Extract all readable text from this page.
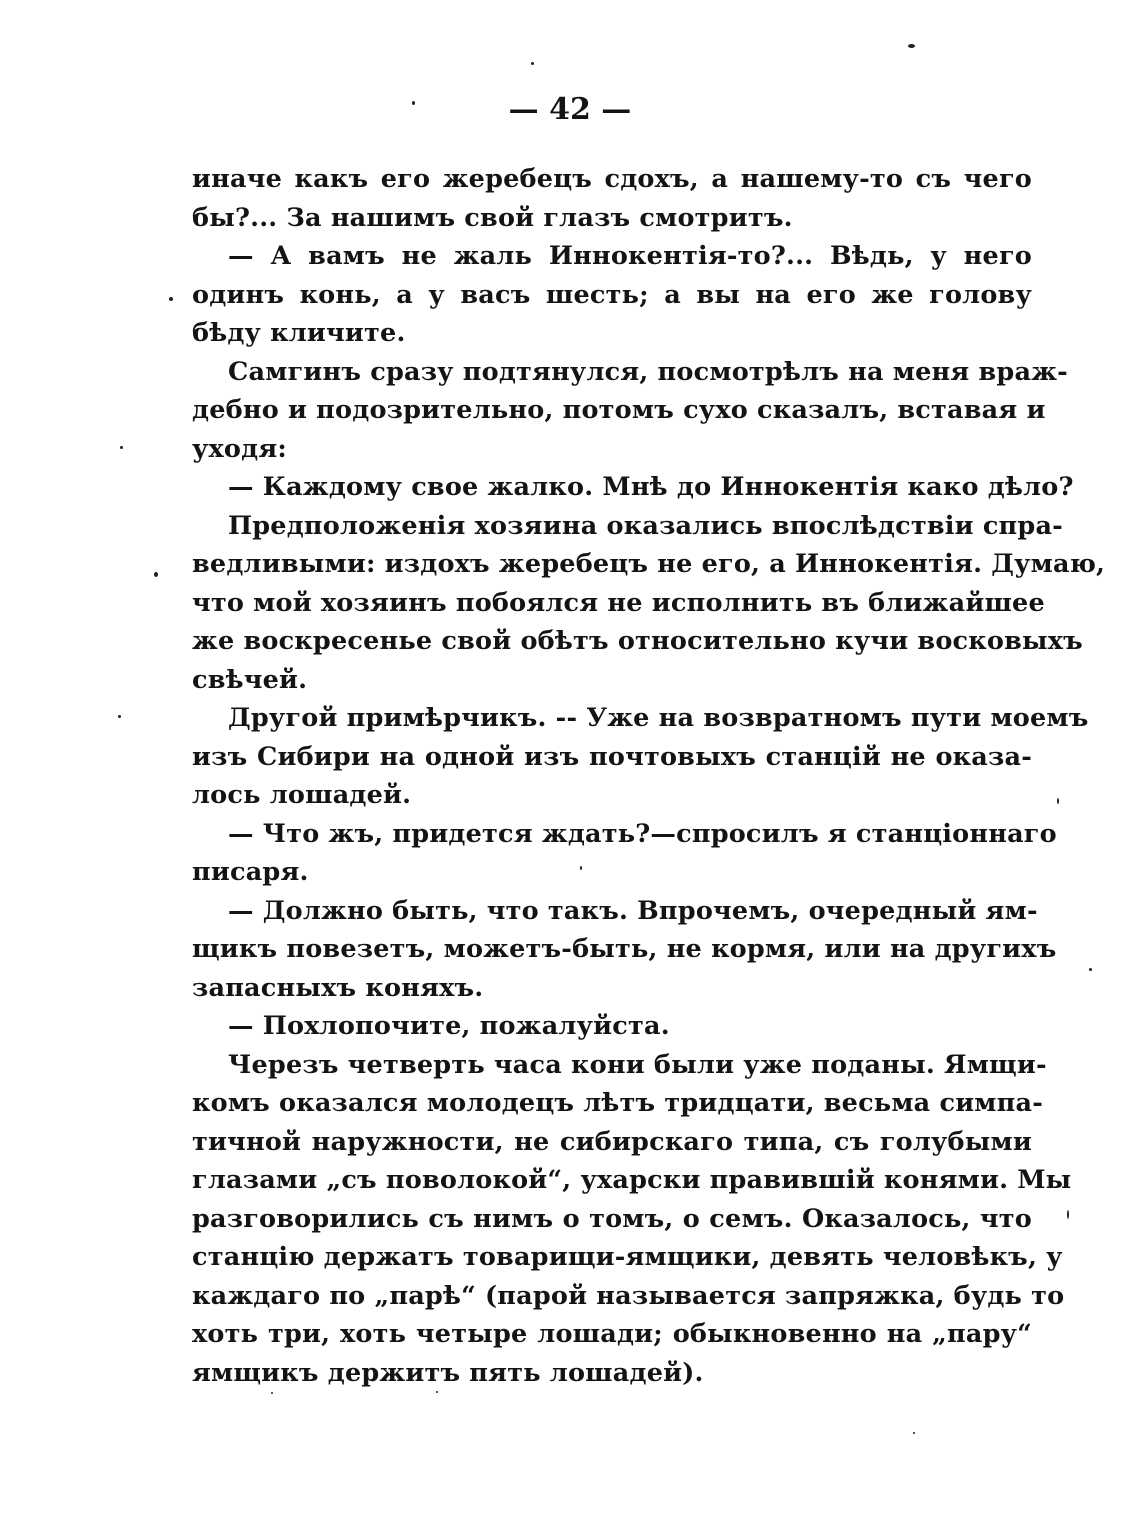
— 42 —
иначе какъ его жеребецъ сдохъ, а нашему-то съ чего
бы?... За нашимъ свой глазъ смотритъ.
— А вамъ не жаль Иннокентія-то?... Вѣдь, у него
одинъ конь, а у васъ шесть; а вы на его же голову
бѣду кличите.
Самгинъ сразу подтянулся, посмотрѣлъ на меня враж-
дебно и подозрительно, потомъ сухо сказалъ, вставая и
уходя:
— Каждому свое жалко. Мнѣ до Иннокентія како дѣло?
Предположенія хозяина оказались впослѣдствіи спра-
ведливыми: издохъ жеребецъ не его, а Иннокентія. Думаю,
что мой хозяинъ побоялся не исполнить въ ближайшее
же воскресенье свой обѣтъ относительно кучи восковыхъ
свѣчей.
Другой примѣрчикъ. -- Уже на возвратномъ пути моемъ
изъ Сибири на одной изъ почтовыхъ станцій не оказа-
лось лошадей.
— Что жъ, придется ждать?—спросилъ я станціоннаго
писаря.
— Должно быть, что такъ. Впрочемъ, очередный ям-
щикъ повезетъ, можетъ-быть, не кормя, или на другихъ
запасныхъ коняхъ.
— Похлопочите, пожалуйста.
Черезъ четверть часа кони были уже поданы. Ямщи-
комъ оказался молодецъ лѣтъ тридцати, весьма симпа-
тичной наружности, не сибирскаго типа, съ голубыми
глазами „съ поволокой“, ухарски правившій конями. Мы
разговорились съ нимъ о томъ, о семъ. Оказалось, что
станцію держатъ товарищи-ямщики, девять человѣкъ, у
каждаго по „парѣ“ (парой называется запряжка, будь то
хоть три, хоть четыре лошади; обыкновенно на „пару“
ямщикъ держитъ пять лошадей).
